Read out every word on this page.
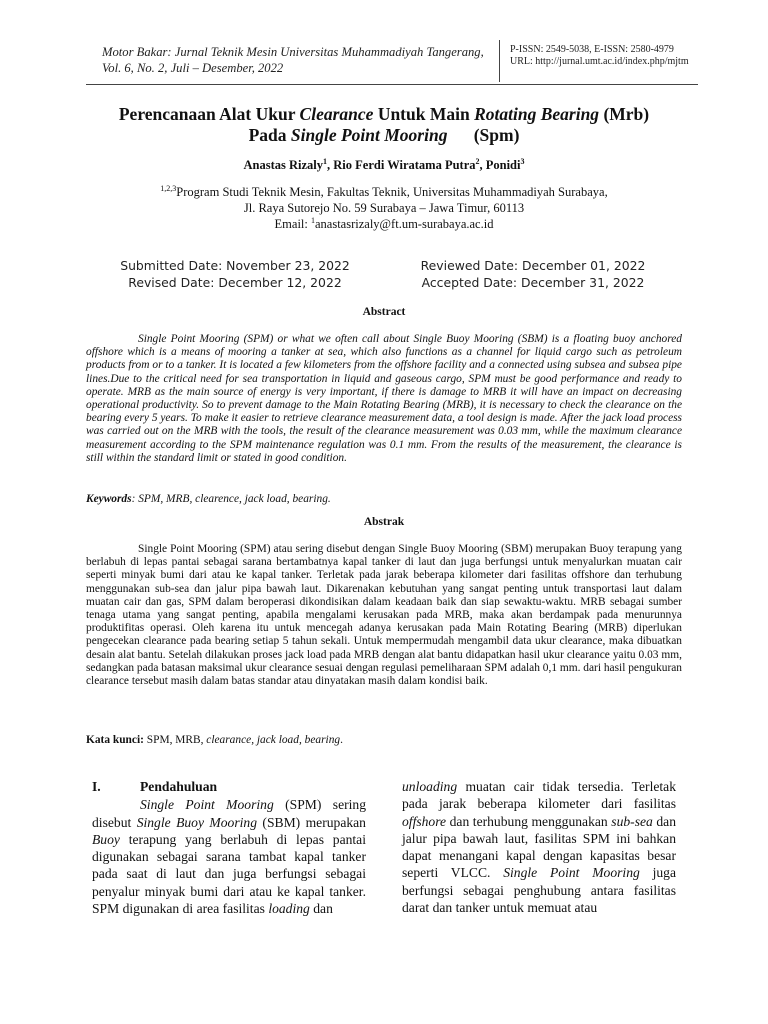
Motor Bakar: Jurnal Teknik Mesin Universitas Muhammadiyah Tangerang,
Vol. 6, No. 2, Juli – Desember, 2022
P-ISSN: 2549-5038, E-ISSN: 2580-4979
URL: http://jurnal.umt.ac.id/index.php/mjtm
Perencanaan Alat Ukur Clearance Untuk Main Rotating Bearing (Mrb)
Pada Single Point Mooring (Spm)
Anastas Rizaly$^1$, Rio Ferdi Wiratama Putra$^2$, Ponidi$^3$
$^{1,2,3}$Program Studi Teknik Mesin, Fakultas Teknik, Universitas Muhammadiyah Surabaya,
Jl. Raya Sutorejo No. 59 Surabaya – Jawa Timur, 60113
Email: $^1$anastasrizaly@ft.um-surabaya.ac.id
Submitted Date: November 23, 2022
Revised Date: December 12, 2022
Reviewed Date: December 01, 2022
Accepted Date: December 31, 2022
Abstract
Single Point Mooring (SPM) or what we often call about Single Buoy Mooring (SBM) is a floating buoy anchored offshore which is a means of mooring a tanker at sea, which also functions as a channel for liquid cargo such as petroleum products from or to a tanker. It is located a few kilometers from the offshore facility and a connected using subsea and subsea pipe lines.Due to the critical need for sea transportation in liquid and gaseous cargo, SPM must be good performance and ready to operate. MRB as the main source of energy is very important, if there is damage to MRB it will have an impact on decreasing operational productivity. So to prevent damage to the Main Rotating Bearing (MRB), it is necessary to check the clearance on the bearing every 5 years. To make it easier to retrieve clearance measurement data, a tool design is made. After the jack load process was carried out on the MRB with the tools, the result of the clearance measurement was 0.03 mm, while the maximum clearance measurement according to the SPM maintenance regulation was 0.1 mm. From the results of the measurement, the clearance is still within the standard limit or stated in good condition.
Keywords: SPM, MRB, clearence, jack load, bearing.
Abstrak
Single Point Mooring (SPM) atau sering disebut dengan Single Buoy Mooring (SBM) merupakan Buoy terapung yang berlabuh di lepas pantai sebagai sarana bertambatnya kapal tanker di laut dan juga berfungsi untuk menyalurkan muatan cair seperti minyak bumi dari atau ke kapal tanker. Terletak pada jarak beberapa kilometer dari fasilitas offshore dan terhubung menggunakan sub-sea dan jalur pipa bawah laut. Dikarenakan kebutuhan yang sangat penting untuk transportasi laut dalam muatan cair dan gas, SPM dalam beroperasi dikondisikan dalam keadaan baik dan siap sewaktu-waktu. MRB sebagai sumber tenaga utama yang sangat penting, apabila mengalami kerusakan pada MRB, maka akan berdampak pada menurunnya produktifitas operasi. Oleh karena itu untuk mencegah adanya kerusakan pada Main Rotating Bearing (MRB) diperlukan pengecekan clearance pada bearing setiap 5 tahun sekali. Untuk mempermudah mengambil data ukur clearance, maka dibuatkan desain alat bantu. Setelah dilakukan proses jack load pada MRB dengan alat bantu didapatkan hasil ukur clearance yaitu 0.03 mm, sedangkan pada batasan maksimal ukur clearance sesuai dengan regulasi pemeliharaan SPM adalah 0,1 mm. dari hasil pengukuran clearance tersebut masih dalam batas standar atau dinyatakan masih dalam kondisi baik.
Kata kunci: SPM, MRB, clearance, jack load, bearing.
I.	Pendahuluan
Single Point Mooring (SPM) sering disebut Single Buoy Mooring (SBM) merupakan Buoy terapung yang berlabuh di lepas pantai digunakan sebagai sarana tambat kapal tanker pada saat di laut dan juga berfungsi sebagai penyalur minyak bumi dari atau ke kapal tanker. SPM digunakan di area fasilitas loading dan
unloading muatan cair tidak tersedia. Terletak pada jarak beberapa kilometer dari fasilitas offshore dan terhubung menggunakan sub-sea dan jalur pipa bawah laut, fasilitas SPM ini bahkan dapat menangani kapal dengan kapasitas besar seperti VLCC. Single Point Mooring juga berfungsi sebagai penghubung antara fasilitas darat dan tanker untuk memuat atau
